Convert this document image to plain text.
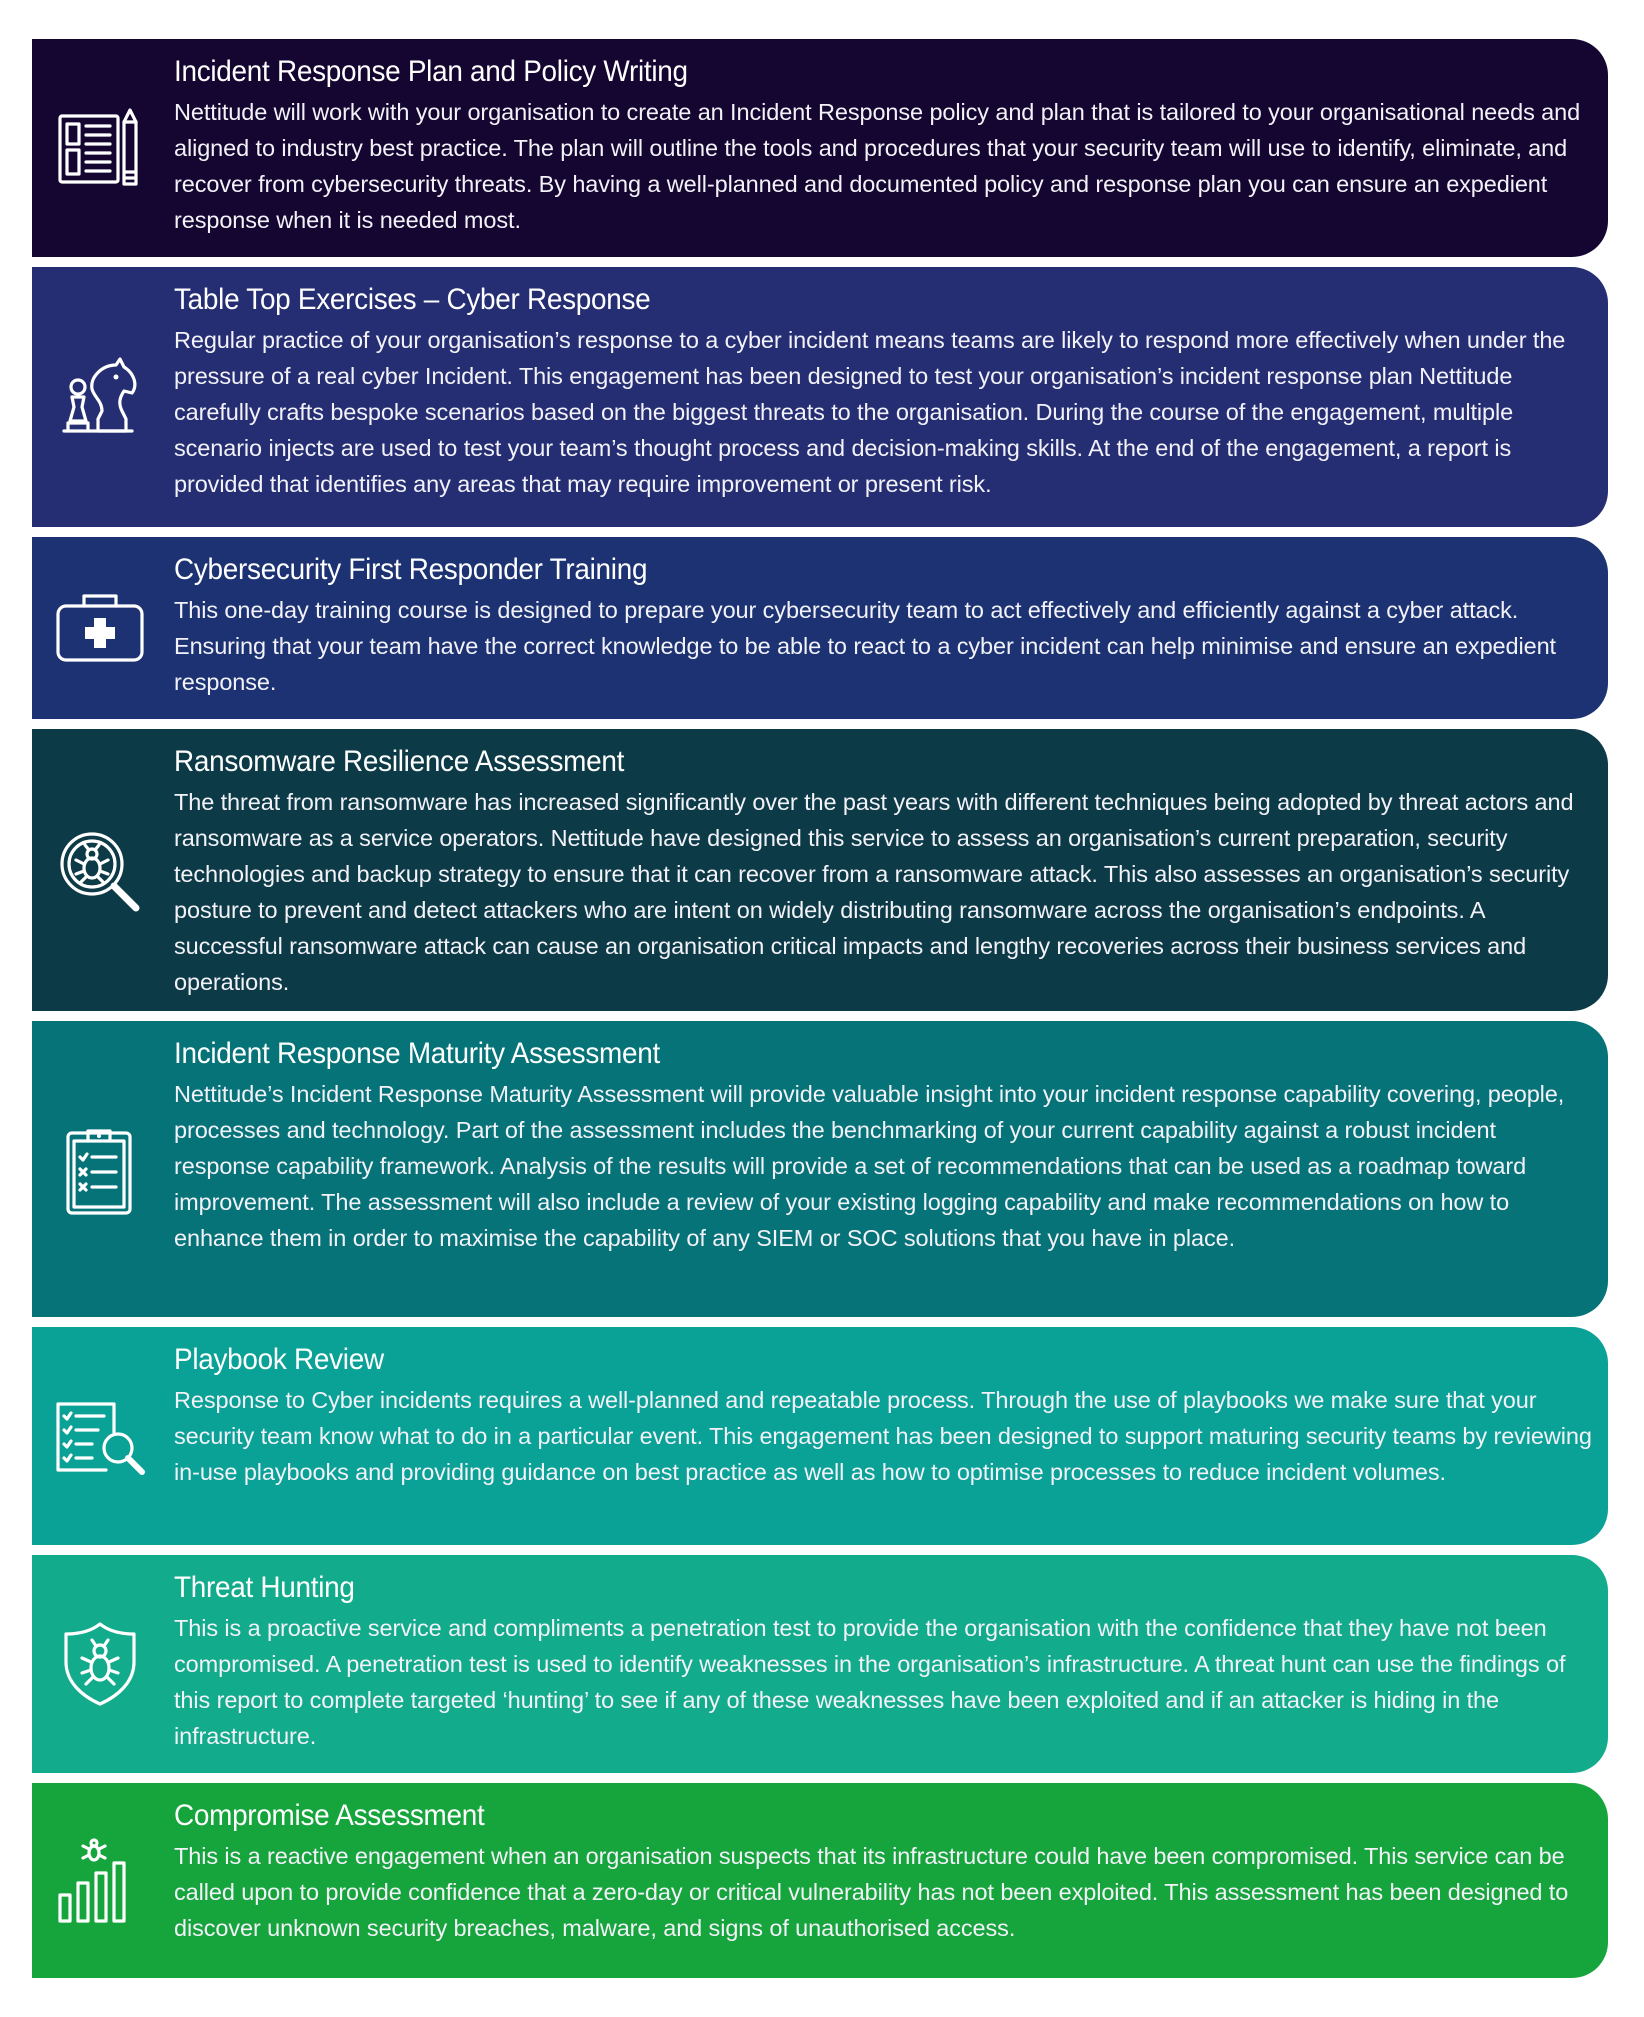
Incident Response Plan and Policy Writing

Nettitude will work with your organisation to create an Incident Response policy and plan that is tailored to your organisational needs and aligned to industry best practice. The plan will outline the tools and procedures that your security team will use to identify, eliminate, and recover from cybersecurity threats. By having a well-planned and documented policy and response plan you can ensure an expedient response when it is needed most.

Table Top Exercises – Cyber Response

Regular practice of your organisation’s response to a cyber incident means teams are likely to respond more effectively when under the pressure of a real cyber Incident. This engagement has been designed to test your organisation’s incident response plan Nettitude carefully crafts bespoke scenarios based on the biggest threats to the organisation. During the course of the engagement, multiple scenario injects are used to test your team’s thought process and decision-making skills. At the end of the engagement, a report is provided that identifies any areas that may require improvement or present risk.

Cybersecurity First Responder Training

This one-day training course is designed to prepare your cybersecurity team to act effectively and efficiently against a cyber attack. Ensuring that your team have the correct knowledge to be able to react to a cyber incident can help minimise and ensure an expedient response.

Ransomware Resilience Assessment

The threat from ransomware has increased significantly over the past years with different techniques being adopted by threat actors and ransomware as a service operators. Nettitude have designed this service to assess an organisation’s current preparation, security technologies and backup strategy to ensure that it can recover from a ransomware attack. This also assesses an organisation’s security posture to prevent and detect attackers who are intent on widely distributing ransomware across the organisation’s endpoints. A successful ransomware attack can cause an organisation critical impacts and lengthy recoveries across their business services and operations.

Incident Response Maturity Assessment

Nettitude’s Incident Response Maturity Assessment will provide valuable insight into your incident response capability covering, people, processes and technology. Part of the assessment includes the benchmarking of your current capability against a robust incident response capability framework. Analysis of the results will provide a set of recommendations that can be used as a roadmap toward improvement. The assessment will also include a review of your existing logging capability and make recommendations on how to enhance them in order to maximise the capability of any SIEM or SOC solutions that you have in place.

Playbook Review

Response to Cyber incidents requires a well-planned and repeatable process. Through the use of playbooks we make sure that your security team know what to do in a particular event. This engagement has been designed to support maturing security teams by reviewing in-use playbooks and providing guidance on best practice as well as how to optimise processes to reduce incident volumes.

Threat Hunting

This is a proactive service and compliments a penetration test to provide the organisation with the confidence that they have not been compromised. A penetration test is used to identify weaknesses in the organisation’s infrastructure. A threat hunt can use the findings of this report to complete targeted ‘hunting’ to see if any of these weaknesses have been exploited and if an attacker is hiding in the infrastructure.

Compromise Assessment

This is a reactive engagement when an organisation suspects that its infrastructure could have been compromised. This service can be called upon to provide confidence that a zero-day or critical vulnerability has not been exploited. This assessment has been designed to discover unknown security breaches, malware, and signs of unauthorised access.
